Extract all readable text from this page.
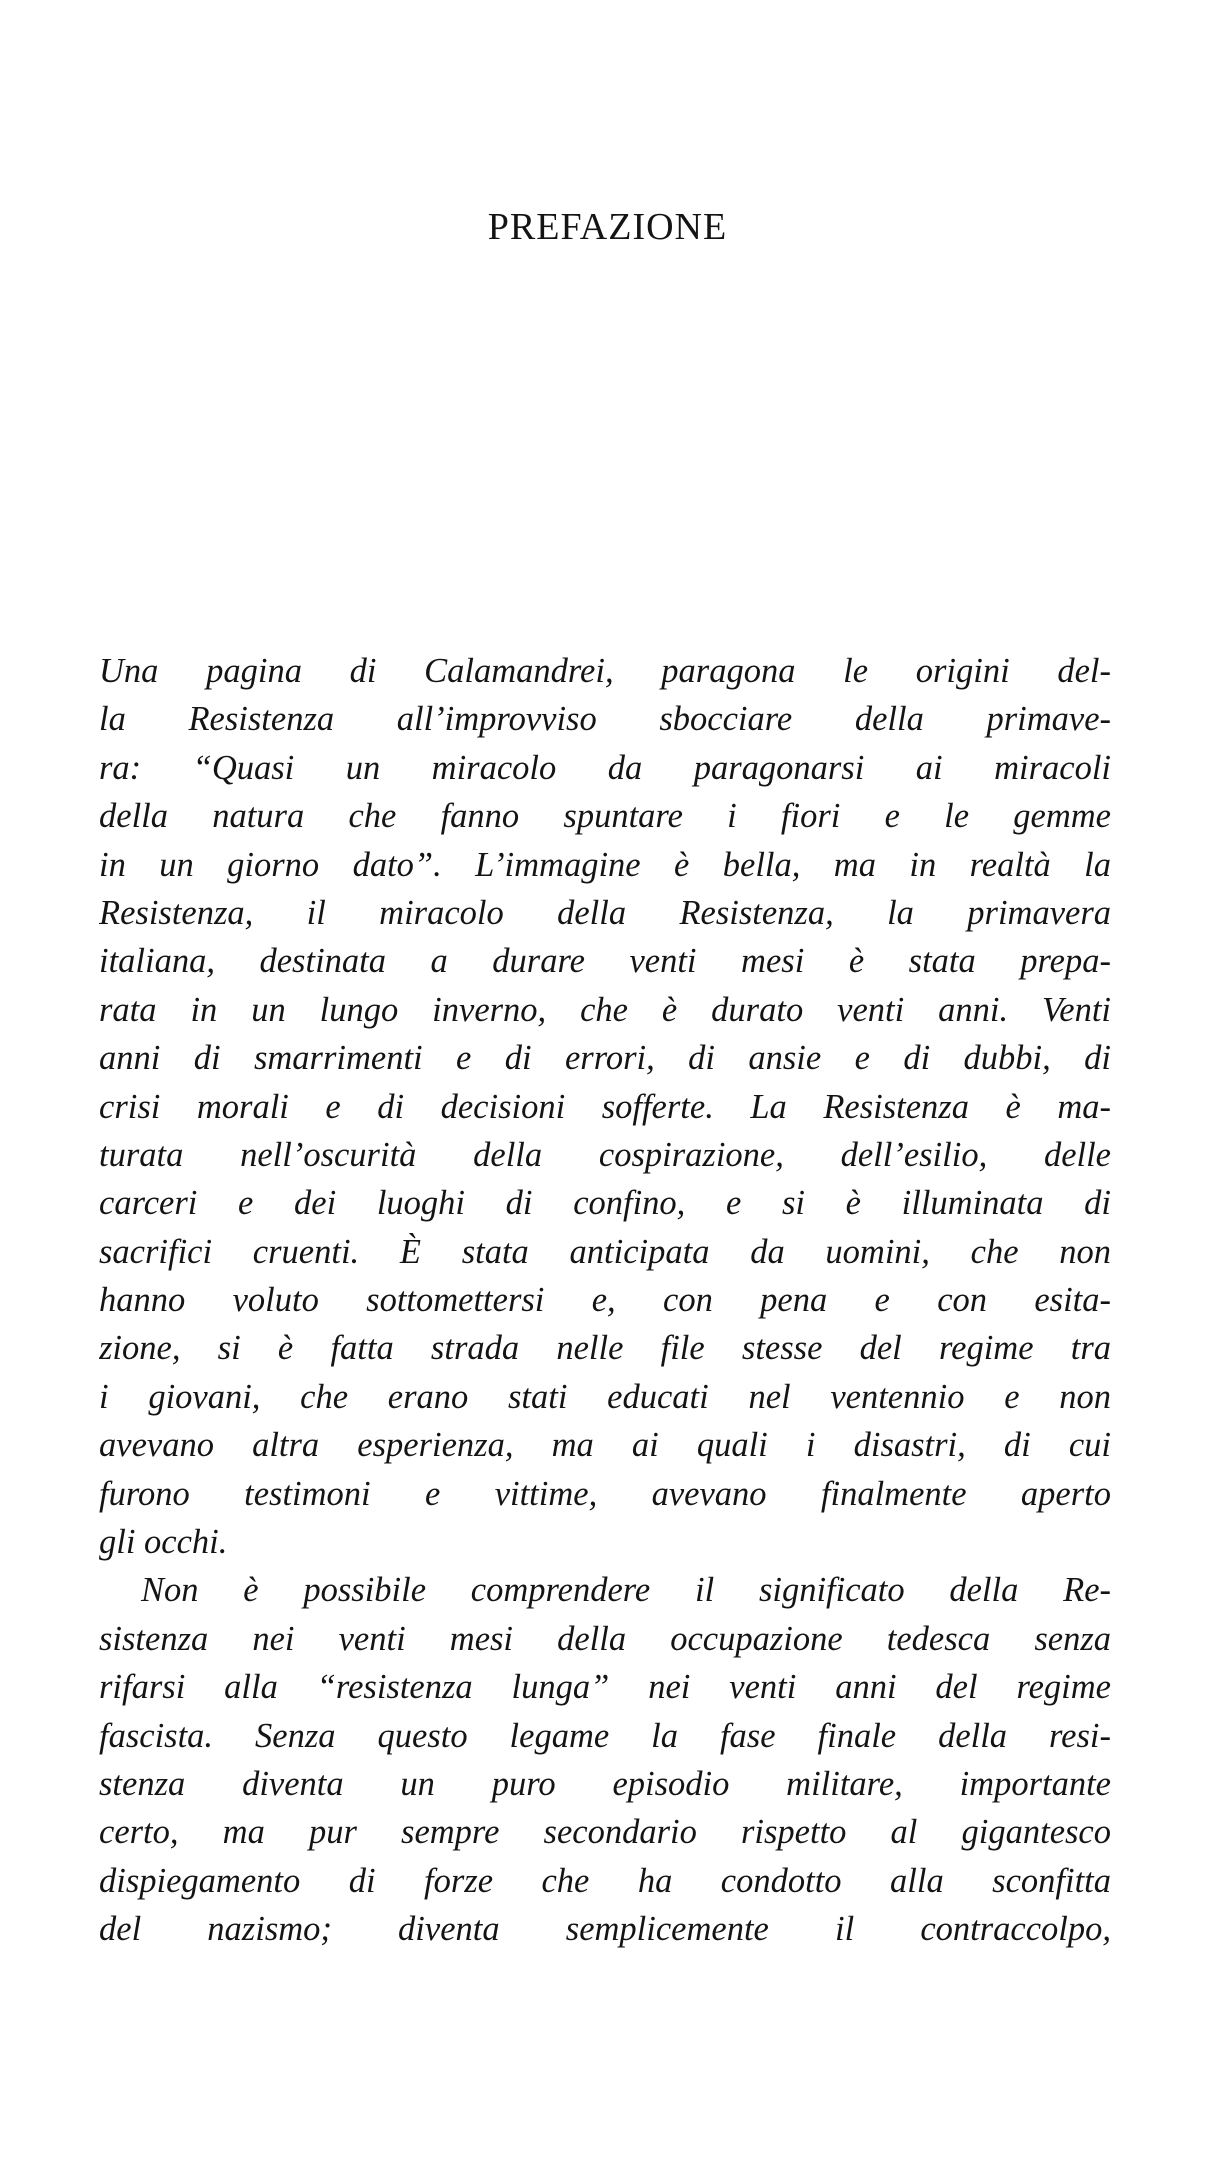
PREFAZIONE
Una pagina di Calamandrei, paragona le origini del-
la Resistenza all’improvviso sbocciare della primave-
ra: “Quasi un miracolo da paragonarsi ai miracoli
della natura che fanno spuntare i fiori e le gemme
in un giorno dato”. L’immagine è bella, ma in realtà la
Resistenza, il miracolo della Resistenza, la primavera
italiana, destinata a durare venti mesi è stata prepa-
rata in un lungo inverno, che è durato venti anni. Venti
anni di smarrimenti e di errori, di ansie e di dubbi, di
crisi morali e di decisioni sofferte. La Resistenza è ma-
turata nell’oscurità della cospirazione, dell’esilio, delle
carceri e dei luoghi di confino, e si è illuminata di
sacrifici cruenti. È stata anticipata da uomini, che non
hanno voluto sottomettersi e, con pena e con esita-
zione, si è fatta strada nelle file stesse del regime tra
i giovani, che erano stati educati nel ventennio e non
avevano altra esperienza, ma ai quali i disastri, di cui
furono testimoni e vittime, avevano finalmente aperto
gli occhi.
Non è possibile comprendere il significato della Re-
sistenza nei venti mesi della occupazione tedesca senza
rifarsi alla “resistenza lunga” nei venti anni del regime
fascista. Senza questo legame la fase finale della resi-
stenza diventa un puro episodio militare, importante
certo, ma pur sempre secondario rispetto al gigantesco
dispiegamento di forze che ha condotto alla sconfitta
del nazismo; diventa semplicemente il contraccolpo,
